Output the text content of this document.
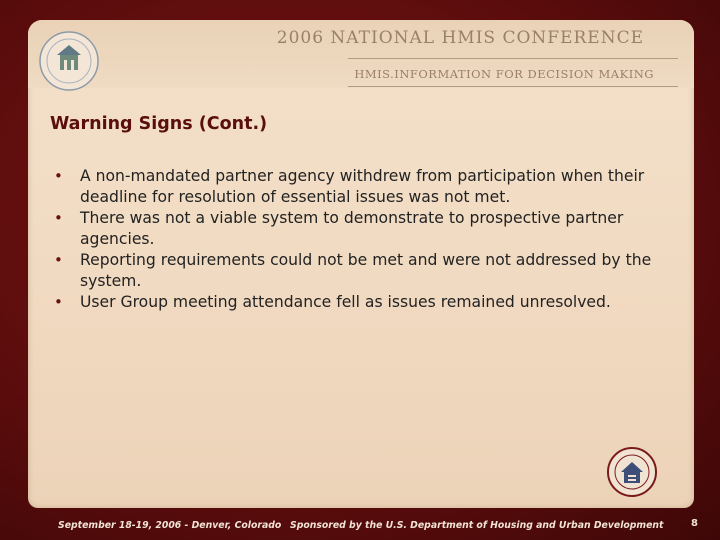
2006 NATIONAL HMIS CONFERENCE
HMIS.INFORMATION FOR DECISION MAKING
Warning Signs (Cont.)
• A non-mandated partner agency withdrew from participation when their deadline for resolution of essential issues was not met.
• There was not a viable system to demonstrate to prospective partner agencies.
• Reporting requirements could not be met and were not addressed by the system.
• User Group meeting attendance fell as issues remained unresolved.
September 18-19, 2006 - Denver, Colorado Sponsored by the U.S. Department of Housing and Urban Development	8
